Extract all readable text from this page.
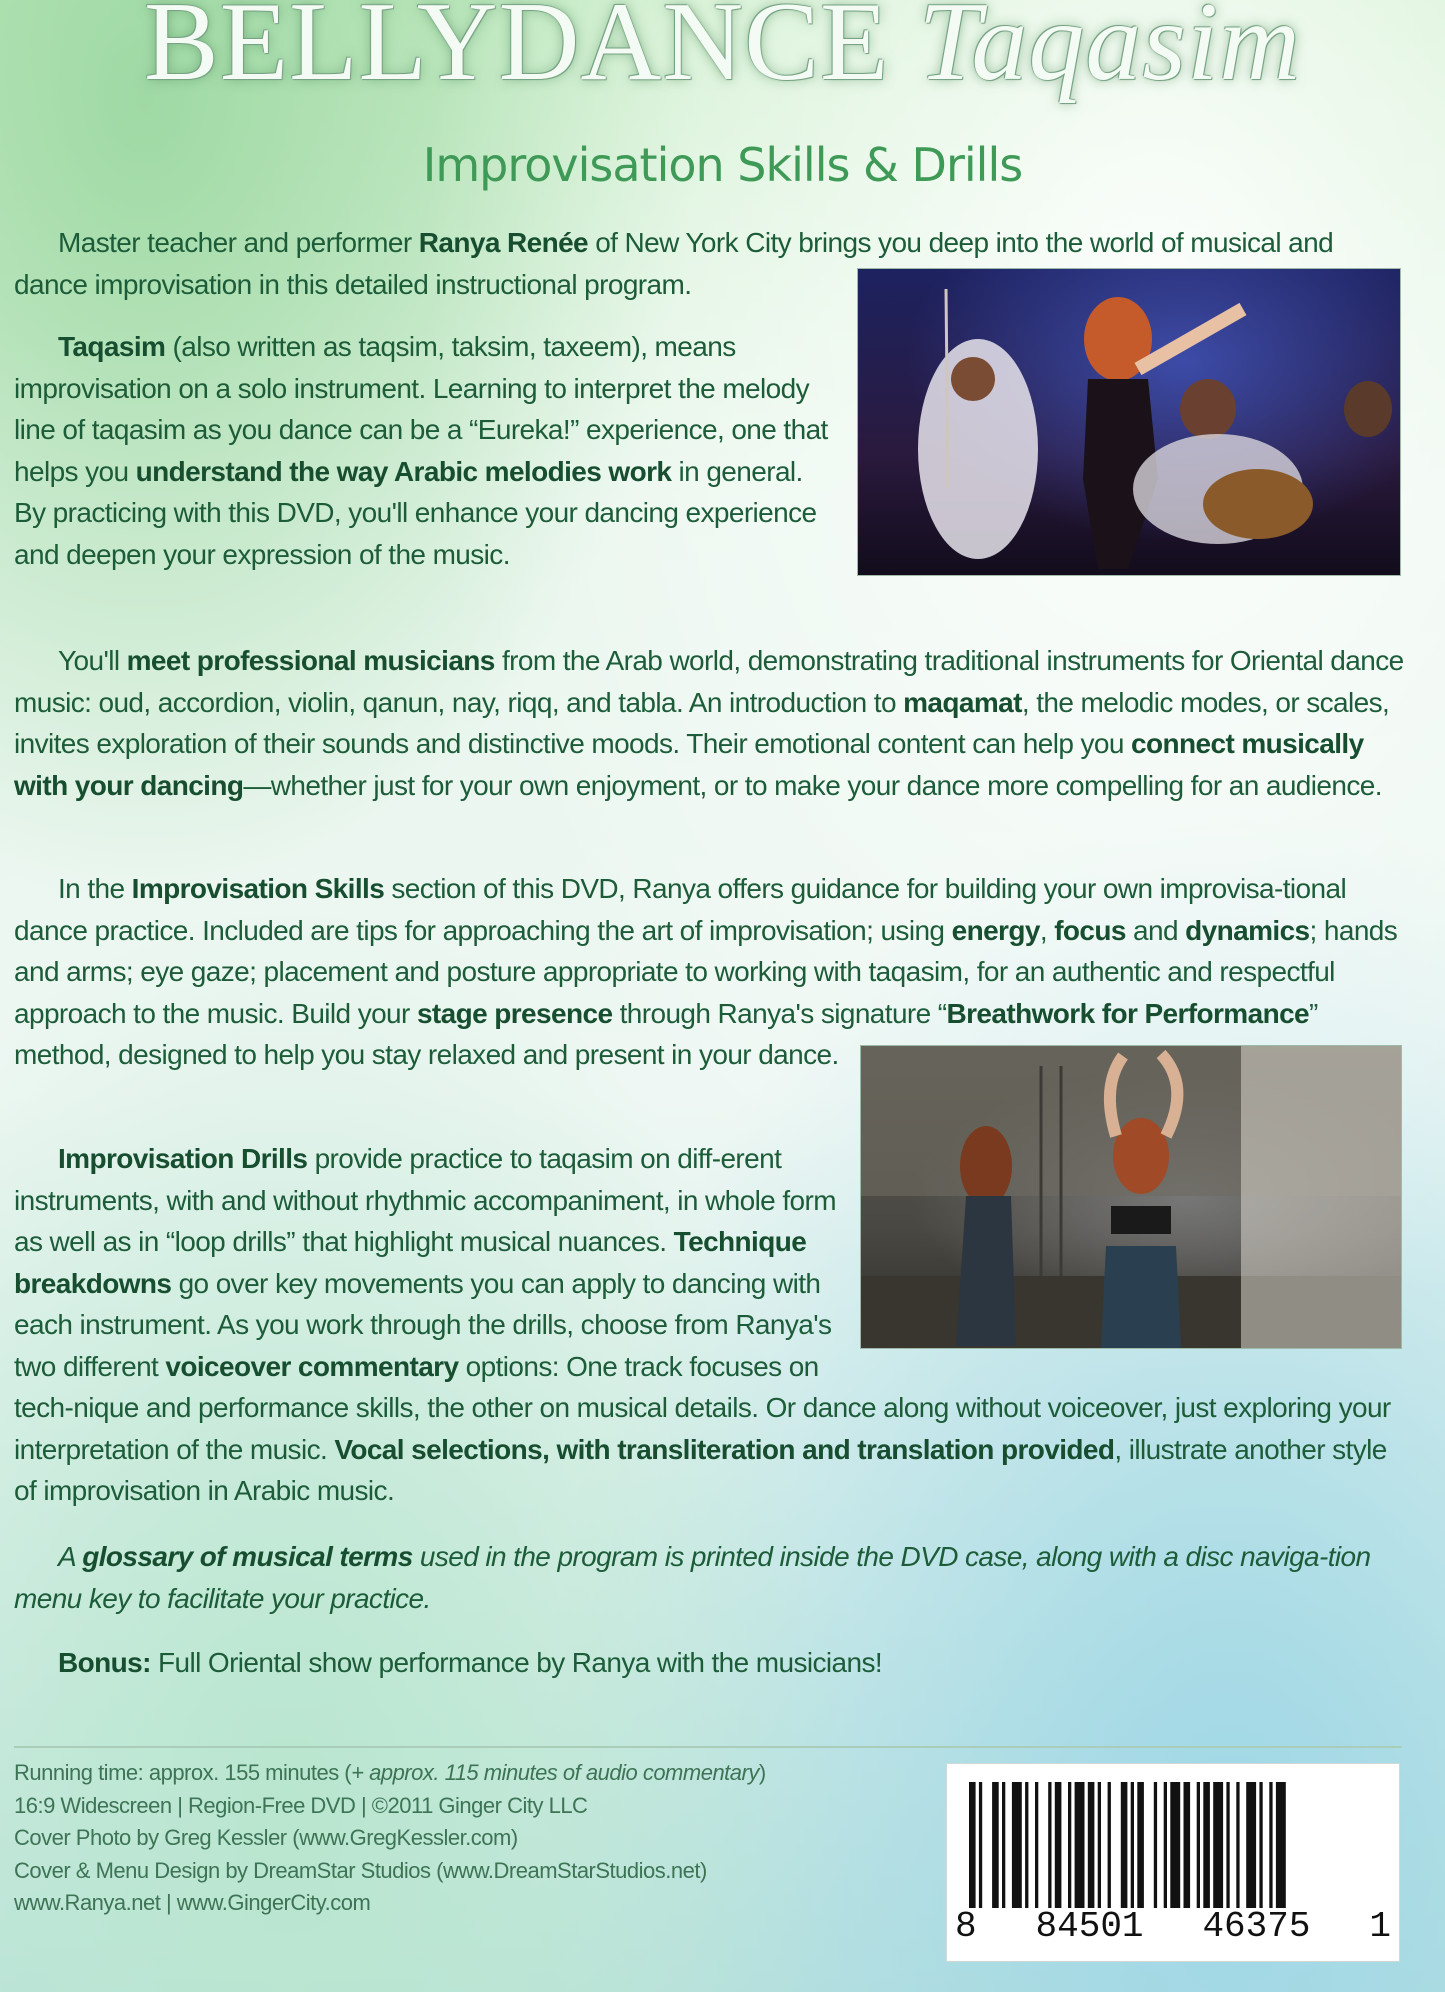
BELLYDANCE Taqasim
Improvisation Skills & Drills
Master teacher and performer Ranya Renée of New York City brings you deep into the world of musical and dance improvisation in this detailed instructional program.
Taqasim (also written as taqsim, taksim, taxeem), means improvisation on a solo instrument. Learning to interpret the melody line of taqasim as you dance can be a “Eureka!” experience, one that helps you understand the way Arabic melodies work in general. By practicing with this DVD, you'll enhance your dancing experience and deepen your expression of the music.
You'll meet professional musicians from the Arab world, demonstrating traditional instruments for Oriental dance music: oud, accordion, violin, qanun, nay, riqq, and tabla. An introduction to maqamat, the melodic modes, or scales, invites exploration of their sounds and distinctive moods. Their emotional content can help you connect musically with your dancing—whether just for your own enjoyment, or to make your dance more compelling for an audience.
In the Improvisation Skills section of this DVD, Ranya offers guidance for building your own improvisa-tional dance practice. Included are tips for approaching the art of improvisation; using energy, focus and dynamics; hands and arms; eye gaze; placement and posture appropriate to working with taqasim, for an authentic and respectful approach to the music. Build your stage presence through Ranya's signature “Breathwork for Performance” method, designed to help you stay relaxed and present in your dance.
Improvisation Drills provide practice to taqasim on diff-erent instruments, with and without rhythmic accompaniment, in whole form as well as in “loop drills” that highlight musical nuances. Technique breakdowns go over key movements you can apply to dancing with each instrument. As you work through the drills, choose from Ranya's two different voiceover commentary options: One track focuses on tech-nique and performance skills, the other on musical details. Or dance along without voiceover, just exploring your interpretation of the music. Vocal selections, with transliteration and translation provided, illustrate another style of improvisation in Arabic music.
A glossary of musical terms used in the program is printed inside the DVD case, along with a disc naviga-tion menu key to facilitate your practice.
Bonus: Full Oriental show performance by Ranya with the musicians!
Running time: approx. 155 minutes (+ approx. 115 minutes of audio commentary)
16:9 Widescreen | Region-Free DVD | ©2011 Ginger City LLC
Cover Photo by Greg Kessler (www.GregKessler.com)
Cover & Menu Design by DreamStar Studios (www.DreamStarStudios.net)
www.Ranya.net | www.GingerCity.com
8 84501 46375 1
